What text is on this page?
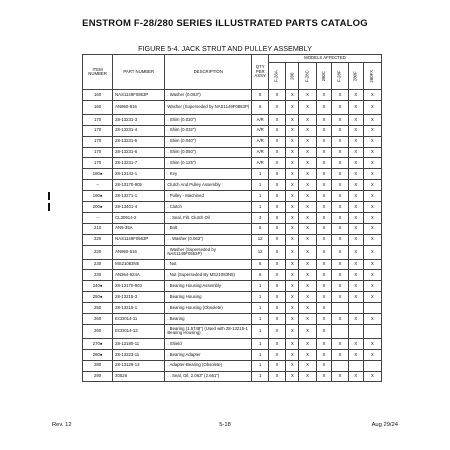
ENSTROM F-28/280 SERIES ILLUSTRATED PARTS CATALOG
FIGURE 5-4. JACK STRUT AND PULLEY ASSEMBLY
ITEM NUMBER	PART NUMBER	DESCRIPTION	QTY PER ASSY	MODELS AFFECTED						
				F-28A	280	F-28C	280C	F-28F	280F	280FX
160	NAS1149F0863P	. Washer (0.063")	8	X	X	X	X	X	X	X
160	AN960-816	Washer (Superseded by NAS1149F0863P)	6	X	X	X	X	X	X	X
170	28-13231-3	. Shim (0.020")	A/R	X	X	X	X	X	X	X
170	28-13231-4	. Shim (0.032")	A/R	X	X	X	X	X	X	X
170	28-13231-5	. Shim (0.040")	A/R	X	X	X	X	X	X	X
170	28-13231-6	. Shim (0.050")	A/R	X	X	X	X	X	X	X
170	28-13231-7	. Shim (0.125")	A/R	X	X	X	X	X	X	X
180●	28-13142-1	. Key	1	X	X	X	X	X	X	X
–	28-13170-905	Clutch And Pulley Assembly	1	X	X	X	X	X	X	X
190●	28-13271-1	. Pulley - Machined	1	X	X	X	X	X	X	X
200●	28-13401-4	. Clutch	1	X	X	X	X	X	X	X
–	CL30914-2	. . Seal, Filt. Clutch Oil	3	X	X	X	X	X	X	X
210	AN5-35A	. Bolt	6	X	X	X	X	X	X	X
220	NAS1149F0563P	. . Washer (0.063")	12	X	X	X	X	X	X	X
220	AN960-516	. Washer (Superseded by NAS1149F0563P)	12	X	X	X	X	X	X	X
230	MS21083N5	. Nut	6	X	X	X	X	X	X	X
230	AN364-524A	. Nut (Superseded By MS21083N5)	6	X	X	X	X	X	X	X
240●	28-13170-903	. Bearing Housing Assembly	1	X	X	X	X	X	X	X
250●	28-13215-3	. Bearing Housing	1	X	X	X	X	X	X	X
250	28-13215-1	. Bearing Housing (Obsolete)	1	X	X	X	X			
260	ECD014-11	. Bearing	1	X	X	X	X	X	X	X
260	ECD014-13	. Bearing (1.5748") (Used with 28-13215-1 Bearing Housing)	1	X	X	X	X			
270●	28-13180-11	. Shield	1	X	X	X	X	X	X	X
280●	28-13323-11	. Bearing Adapter	1	X	X	X	X	X	X	X
280	28-13129-13	. Adapter-Bearing (Obsolete)	1	X	X	X	X			
290	20526	. . Seal, Oil, 2.063" (2.661")	1	X	X	X	X	X	X	X
Rev. 12	5-18	Aug 29/24
